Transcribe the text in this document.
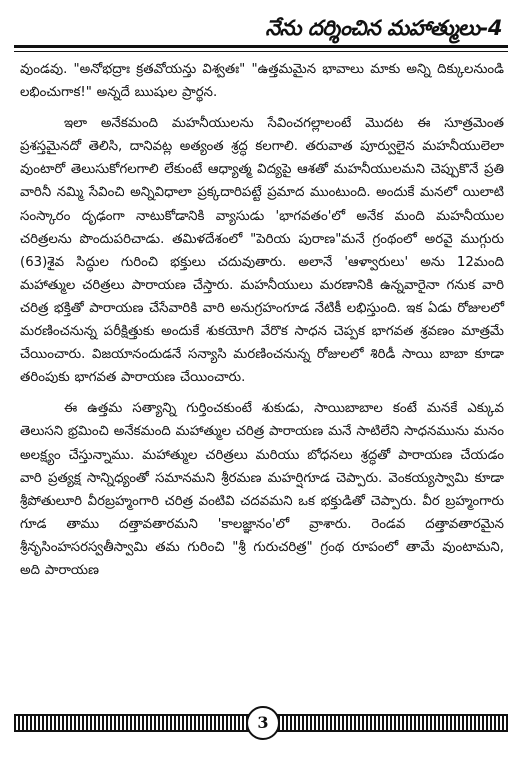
నేను దర్శించిన మహాత్ములు-4

వుండవు. "అనోభద్రాః క్రతవోయన్తు విశ్వతః" "ఉత్తమమైన భావాలు మాకు అన్ని దిక్కులనుండి లభించుగాక!" అన్నదే ఋషుల ప్రార్థన.

ఇలా అనేకమంది మహనీయులను సేవించగల్లాలంటే మొదట ఈ సూత్రమెంత ప్రశస్తమైనదో తెలిసి, దానివట్ల అత్యంత శ్రద్ధ కలగాలి. తరువాత పూర్వులైన మహనీయులెలా వుంటారో తెలుసుకోగలగాలి లేకుంటే ఆధ్యాత్మ విద్యపై ఆశతో మహనీయులమని చెప్పుకొనే ప్రతి వారినీ నమ్మి సేవించి అన్నివిధాలా ప్రక్కదారిపట్టే ప్రమాద ముంటుంది. అందుకే మనలో యిలాటి సంస్కారం దృఢంగా నాటుకోడానికి వ్యాసుడు 'భాగవతం'లో అనేక మంది మహనీయుల చరిత్రలను పొందుపరిచాడు. తమిళదేశంలో "పెరియ పురాణ"మనే గ్రంథంలో అరవై ముగ్గురు (63)శైవ సిద్ధుల గురించి భక్తులు చదువుతారు. అలానే 'ఆళ్వారులు' అను 12మంది మహాత్ముల చరిత్రలు పారాయణ చేస్తారు. మహనీయులు మరణానికి ఉన్నవారైనా గనుక వారి చరిత్ర భక్తితో పారాయణ చేసేవారికి వారి అనుగ్రహంగూడ నేటికీ లభిస్తుంది. ఇక ఏడు రోజులలో మరణించనున్న పరీక్షిత్తుకు అందుకే శుకయోగి వేరొక సాధన చెప్పక భాగవత శ్రవణం మాత్రమే చేయించారు. విజయానందుడనే సన్యాసి మరణించనున్న రోజులలో శిరిడీ సాయి బాబా కూడా తరింపుకు భాగవత పారాయణ చేయించారు.

ఈ ఉత్తమ సత్యాన్ని గుర్తించకుంటే శుకుడు, సాయిబాబాల కంటే మనకే ఎక్కువ తెలుసని భ్రమించి అనేకమంది మహాత్ముల చరిత్ర పారాయణ మనే సాటిలేని సాధనమును మనం అలక్ష్యం చేస్తున్నాము. మహాత్ముల చరిత్రలు మరియు బోధనలు శ్రద్ధతో పారాయణ చేయడం వారి ప్రత్యక్ష సాన్నిధ్యంతో సమానమని శ్రీరమణ మహర్షిగూడ చెప్పారు. వెంకయ్యస్వామి కూడా శ్రీపోతులూరి వీరబ్రహ్మంగారి చరిత్ర వంటివి చదవమని ఒక భక్తుడితో చెప్పారు. వీర బ్రహ్మంగారు గూడ తాము దత్తావతారమని 'కాలజ్ఞానం'లో వ్రాశారు. రెండవ దత్తావతారమైన శ్రీనృసింహసరస్వతీస్వామి తమ గురించి "శ్రీ గురుచరిత్ర" గ్రంథ రూపంలో తామే వుంటామని, అది పారాయణ

3
